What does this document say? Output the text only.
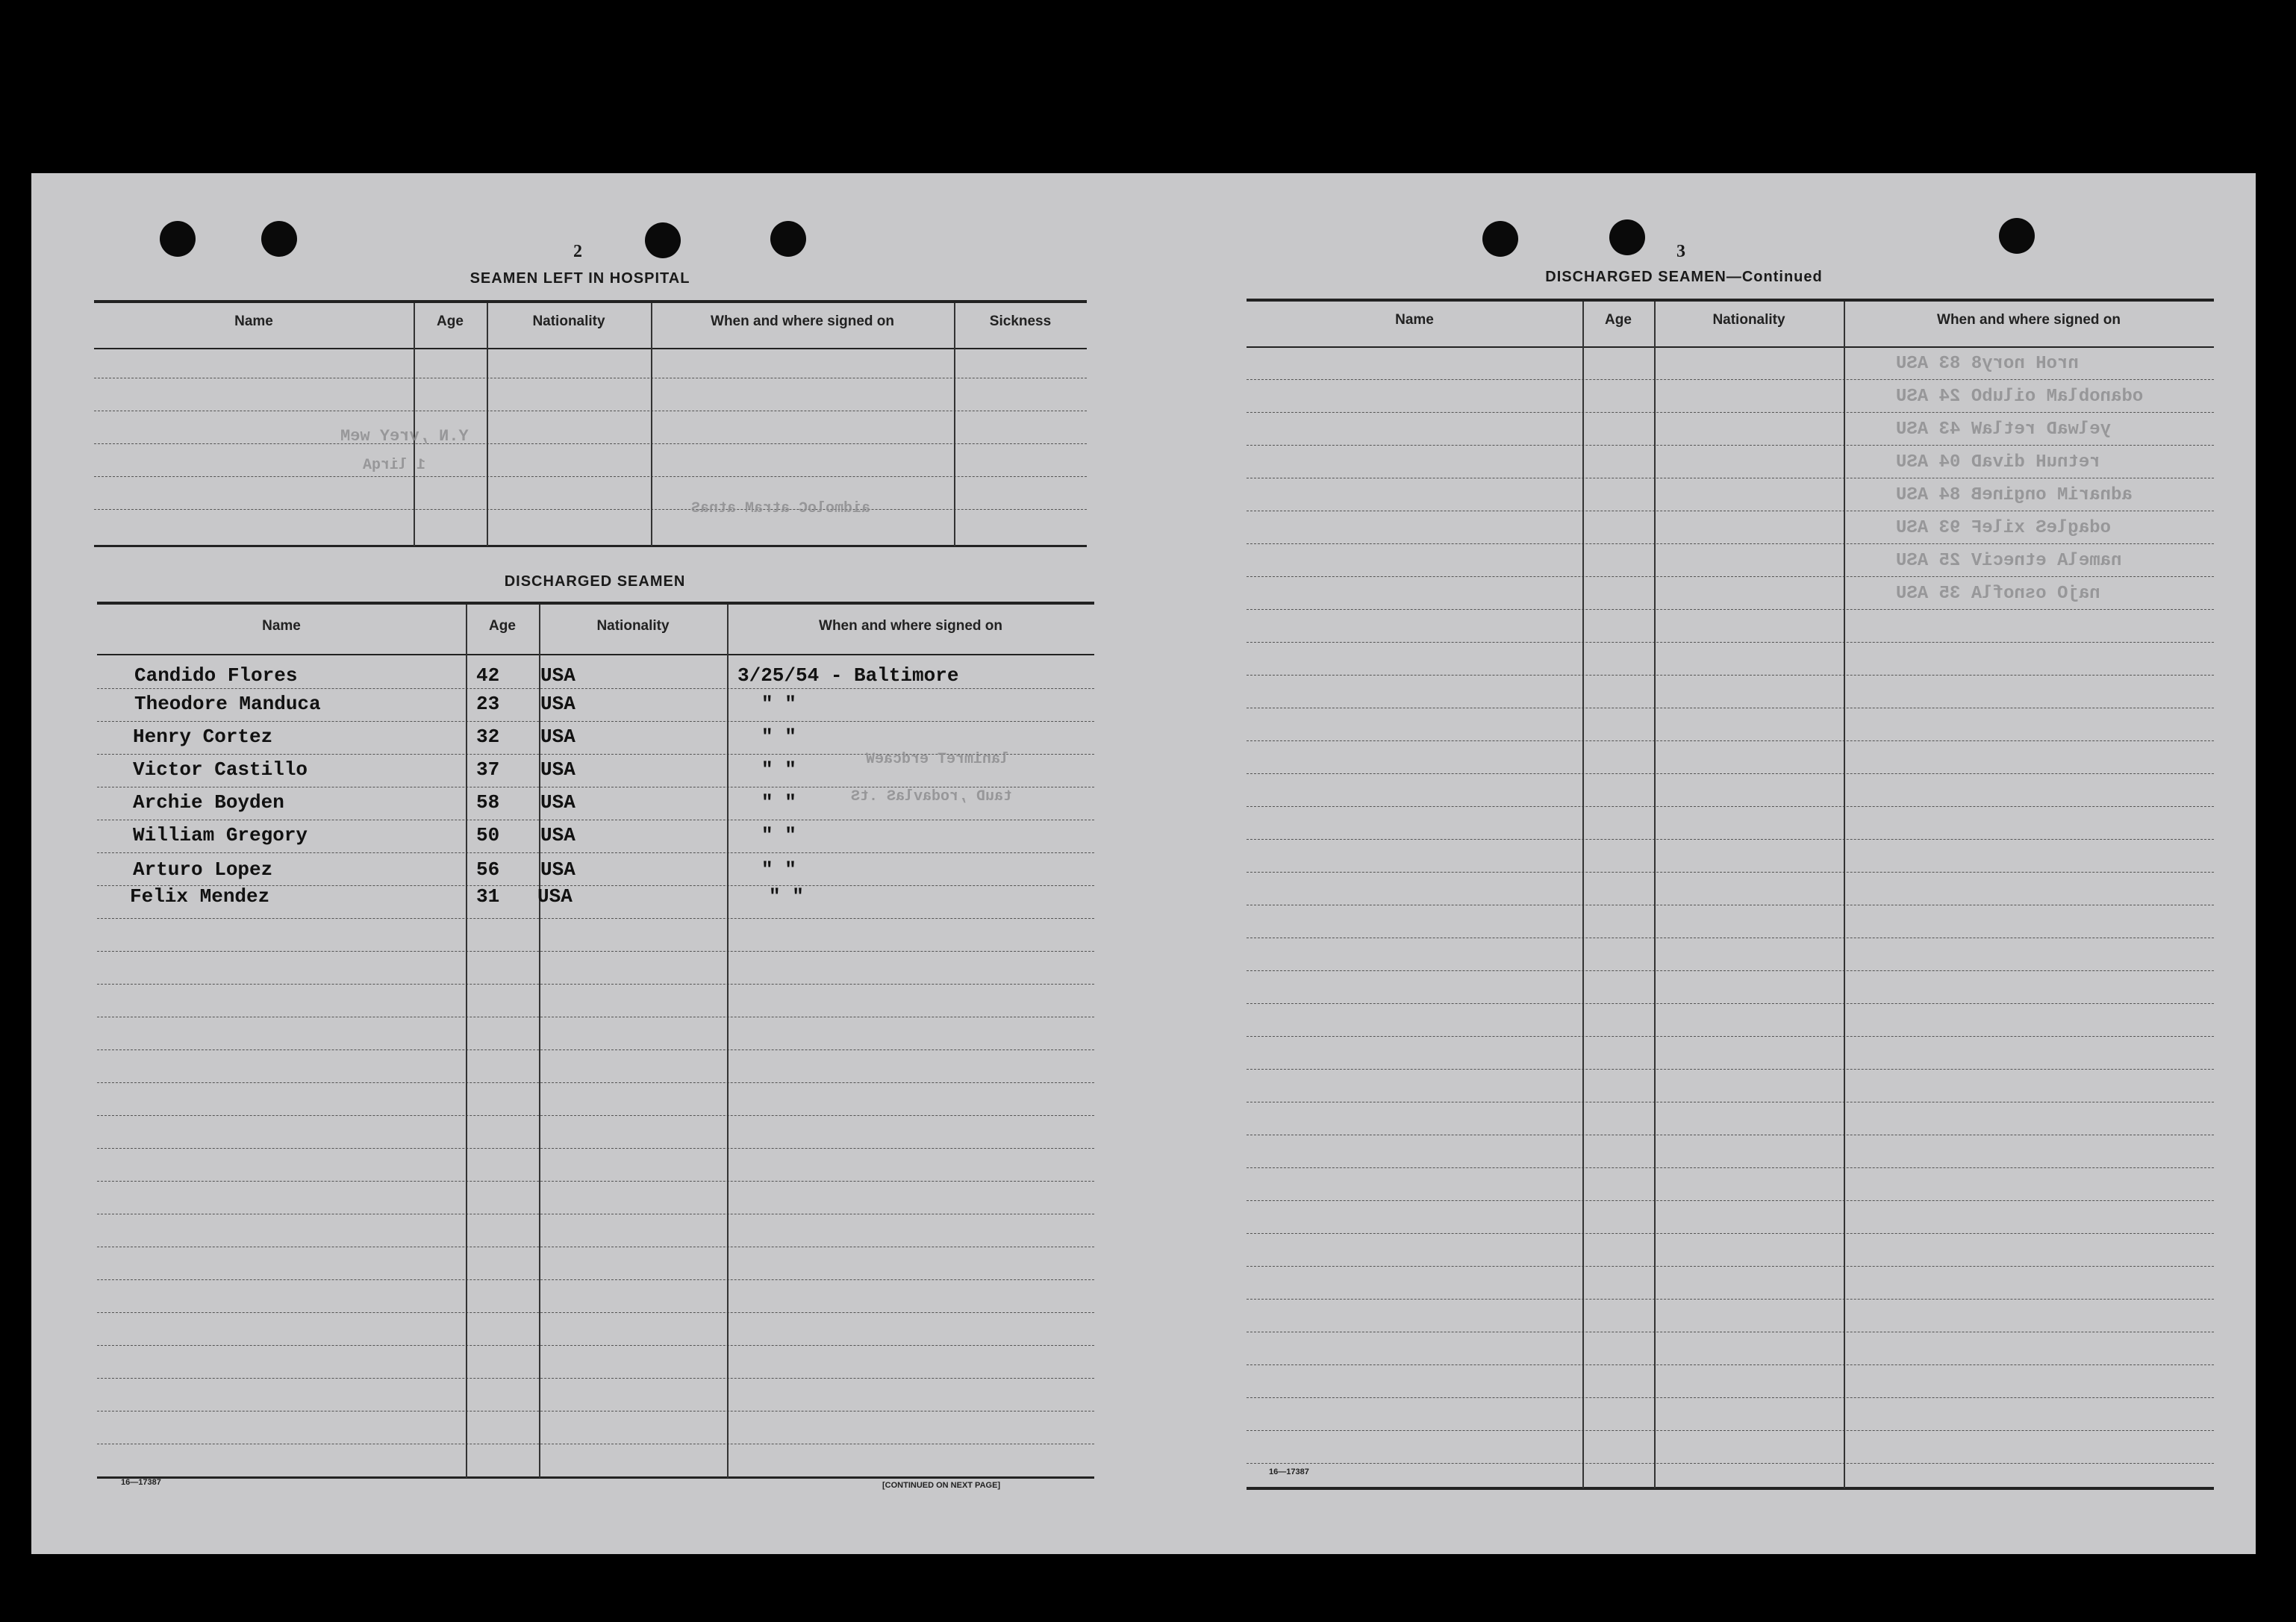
2
SEAMEN LEFT IN HOSPITAL
Name	Age	Nationality	When and where signed on	Sickness
Y.N ,vreY weM
1 lirqA
aidmoloC atraM atnaS
DISCHARGED SEAMEN
Name	Age	Nationality	When and where signed on
Candido Flores	42 USA	3/25/54 - Baltimore
Theodore Manduca	23 USA	" "
Henry Cortez	32 USA	" "
Victor Castillo	37 USA	" "
Archie Boyden	58 USA	" "
William Gregory	50 USA	" "
Arturo Lopez	56 USA	" "
Felix Mendez	31 USA	" "
lanimreT erdcaeW
tauD ,rodavlaS .tS
16—17387	[CONTINUED ON NEXT PAGE]
3
DISCHARGED SEAMEN—Continued
Name	Age	Nationality	When and where signed on
nroH nory8 83 ASU
odanoblaM oilubO 24 ASU
yelwaD retlaW 43 ASU
retnuH divaD 04 ASU
adnariM ongineB 84 ASU
odagleS xileF 93 ASU
namelA etneciV 25 ASU
najO osnoflA 35 ASU
16—17387
